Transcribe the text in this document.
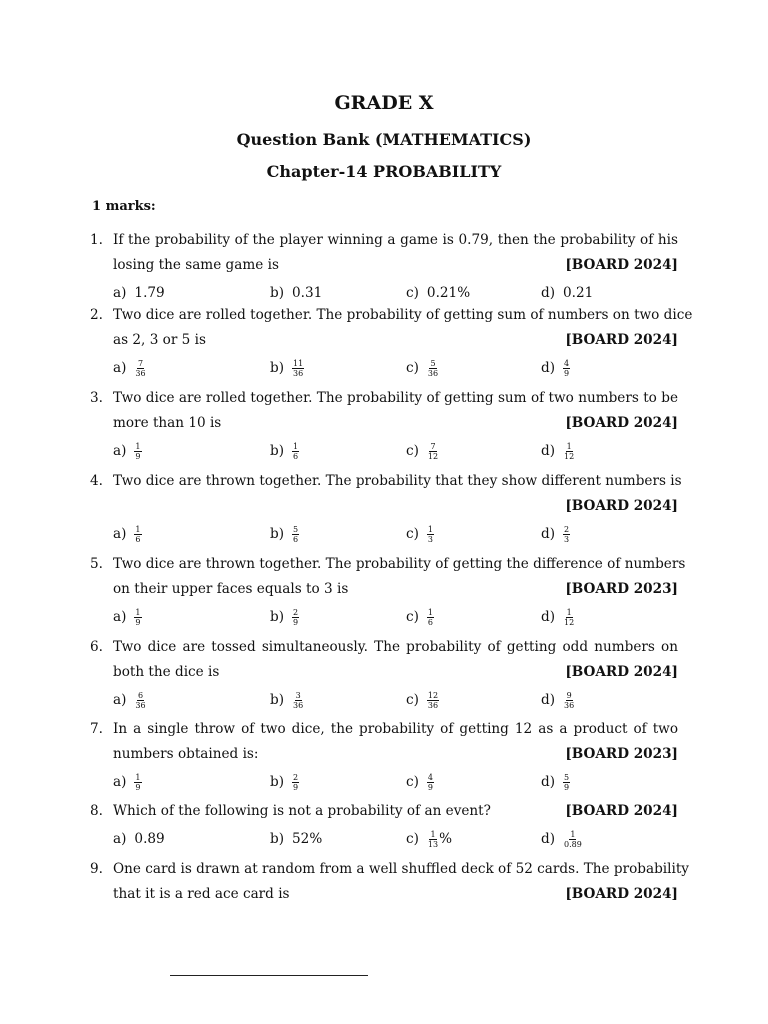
GRADE X
Question Bank (MATHEMATICS)
Chapter-14 PROBABILITY
1 marks:
1. If the probability of the player winning a game is 0.79, then the probability of his
losing the same game is	[BOARD 2024]
a) 1.79	b) 0.31	c) 0.21%	d) 0.21
2. Two dice are rolled together. The probability of getting sum of numbers on two dice
as 2, 3 or 5 is	[BOARD 2024]
$a) \frac{7}{36}$	$b) \frac{11}{36}$	$c) \frac{5}{36}$	$d) \frac{4}{9}$
3. Two dice are rolled together. The probability of getting sum of two numbers to be
more than 10 is	[BOARD 2024]
$a) \frac{1}{9}$	$b) \frac{1}{6}$	$c) \frac{7}{12}$	$d) \frac{1}{12}$
4. Two dice are thrown together. The probability that they show different numbers is
[BOARD 2024]
$a) \frac{1}{6}$	$b) \frac{5}{6}$	$c) \frac{1}{3}$	$d) \frac{2}{3}$
5. Two dice are thrown together. The probability of getting the difference of numbers
on their upper faces equals to 3 is	[BOARD 2023]
$a) \frac{1}{9}$	$b) \frac{2}{9}$	$c) \frac{1}{6}$	$d) \frac{1}{12}$
6. Two dice are tossed simultaneously. The probability of getting odd numbers on
both the dice is	[BOARD 2024]
$a) \frac{6}{36}$	$b) \frac{3}{36}$	$c) \frac{12}{36}$	$d) \frac{9}{36}$
7. In a single throw of two dice, the probability of getting 12 as a product of two
numbers obtained is:	[BOARD 2023]
$a) \frac{1}{9}$	$b) \frac{2}{9}$	$c) \frac{4}{9}$	$d) \frac{5}{9}$
8. Which of the following is not a probability of an event?	[BOARD 2024]
a) 0.89	b) 52%	$c) \frac{1}{13}$ %	$d) \frac{1}{0.89}$
9. One card is drawn at random from a well shuffled deck of 52 cards. The probability
that it is a red ace card is	[BOARD 2024]
